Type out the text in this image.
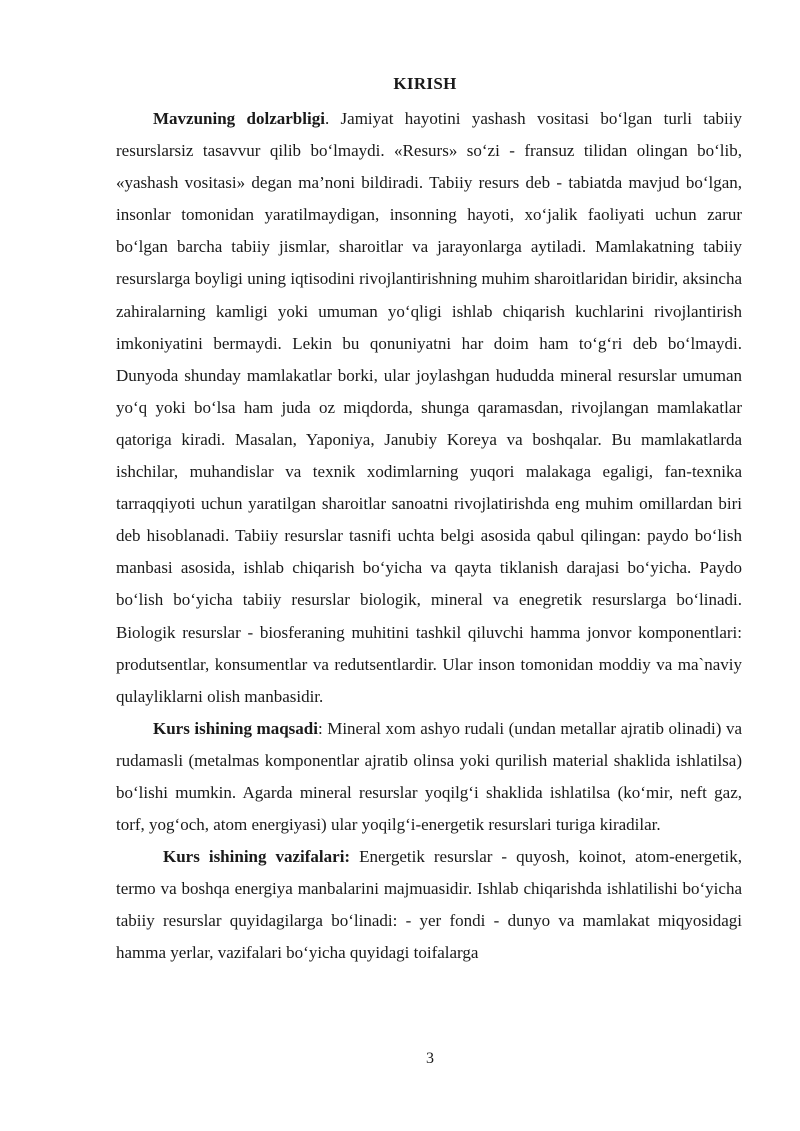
KIRISH

Mavzuning dolzarbligi. Jamiyat hayotini yashash vositasi bo‘lgan turli tabiiy resurslarsiz tasavvur qilib bo‘lmaydi. «Resurs» so‘zi - fransuz tilidan olingan bo‘lib, «yashash vositasi» degan ma’noni bildiradi. Tabiiy resurs deb - tabiatda mavjud bo‘lgan, insonlar tomonidan yaratilmaydigan, insonning hayoti, xo‘jalik faoliyati uchun zarur bo‘lgan barcha tabiiy jismlar, sharoitlar va jarayonlarga aytiladi. Mamlakatning tabiiy resurslarga boyligi uning iqtisodini rivojlantirishning muhim sharoitlaridan biridir, aksincha zahiralarning kamligi yoki umuman yo‘qligi ishlab chiqarish kuchlarini rivojlantirish imkoniyatini bermaydi. Lekin bu qonuniyatni har doim ham to‘g‘ri deb bo‘lmaydi. Dunyoda shunday mamlakatlar borki, ular joylashgan hududda mineral resurslar umuman yo‘q yoki bo‘lsa ham juda oz miqdorda, shunga qaramasdan, rivojlangan mamlakatlar qatoriga kiradi. Masalan, Yaponiya, Janubiy Koreya va boshqalar. Bu mamlakatlarda ishchilar, muhandislar va texnik xodimlarning yuqori malakaga egaligi, fan-texnika tarraqqiyoti uchun yaratilgan sharoitlar sanoatni rivojlatirishda eng muhim omillardan biri deb hisoblanadi. Tabiiy resurslar tasnifi uchta belgi asosida qabul qilingan: paydo bo‘lish manbasi asosida, ishlab chiqarish bo‘yicha va qayta tiklanish darajasi bo‘yicha. Paydo bo‘lish bo‘yicha tabiiy resurslar biologik, mineral va enegretik resurslarga bo‘linadi. Biologik resurslar - biosferaning muhitini tashkil qiluvchi hamma jonvor komponentlari: produtsentlar, konsumentlar va redutsentlardir. Ular inson tomonidan moddiy va ma`naviy qulayliklarni olish manbasidir.

Kurs ishining maqsadi: Mineral xom ashyo rudali (undan metallar ajratib olinadi) va rudamasli (metalmas komponentlar ajratib olinsa yoki qurilish material shaklida ishlatilsa) bo‘lishi mumkin. Agarda mineral resurslar yoqilg‘i shaklida ishlatilsa (ko‘mir, neft gaz, torf, yog‘och, atom energiyasi) ular yoqilg‘i-energetik resurslari turiga kiradilar.

Kurs ishining vazifalari: Energetik resurslar - quyosh, koinot, atom-energetik, termo va boshqa energiya manbalarini majmuasidir. Ishlab chiqarishda ishlatilishi bo‘yicha tabiiy resurslar quyidagilarga bo‘linadi: - yer fondi - dunyo va mamlakat miqyosidagi hamma yerlar, vazifalari bo‘yicha quyidagi toifalarga

3
